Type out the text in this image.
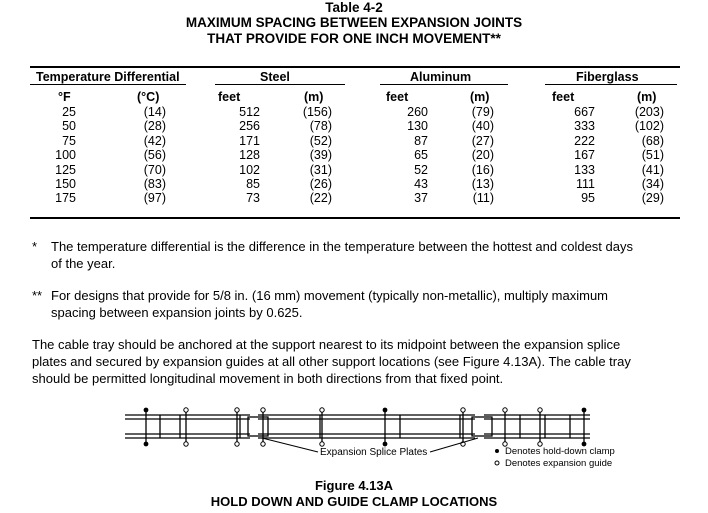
Table 4-2
MAXIMUM SPACING BETWEEN EXPANSION JOINTS
THAT PROVIDE FOR ONE INCH MOVEMENT**
Temperature Differential	Steel	Aluminum	Fiberglass
°F	(°C)	feet	(m)	feet	(m)	feet	(m)
25	(14)	512	(156)	260	(79)	667	(203)
50	(28)	256	(78)	130	(40)	333	(102)
75	(42)	171	(52)	87	(27)	222	(68)
100	(56)	128	(39)	65	(20)	167	(51)
125	(70)	102	(31)	52	(16)	133	(41)
150	(83)	85	(26)	43	(13)	111	(34)
175	(97)	73	(22)	37	(11)	95	(29)
* The temperature differential is the difference in the temperature between the hottest and coldest days
of the year.
** For designs that provide for 5/8 in. (16 mm) movement (typically non-metallic), multiply maximum
spacing between expansion joints by 0.625.
The cable tray should be anchored at the support nearest to its midpoint between the expansion splice
plates and secured by expansion guides at all other support locations (see Figure 4.13A). The cable tray
should be permitted longitudinal movement in both directions from that fixed point.
Expansion Splice Plates	Denotes hold-down clamp
Denotes expansion guide
Figure 4.13A
HOLD DOWN AND GUIDE CLAMP LOCATIONS
